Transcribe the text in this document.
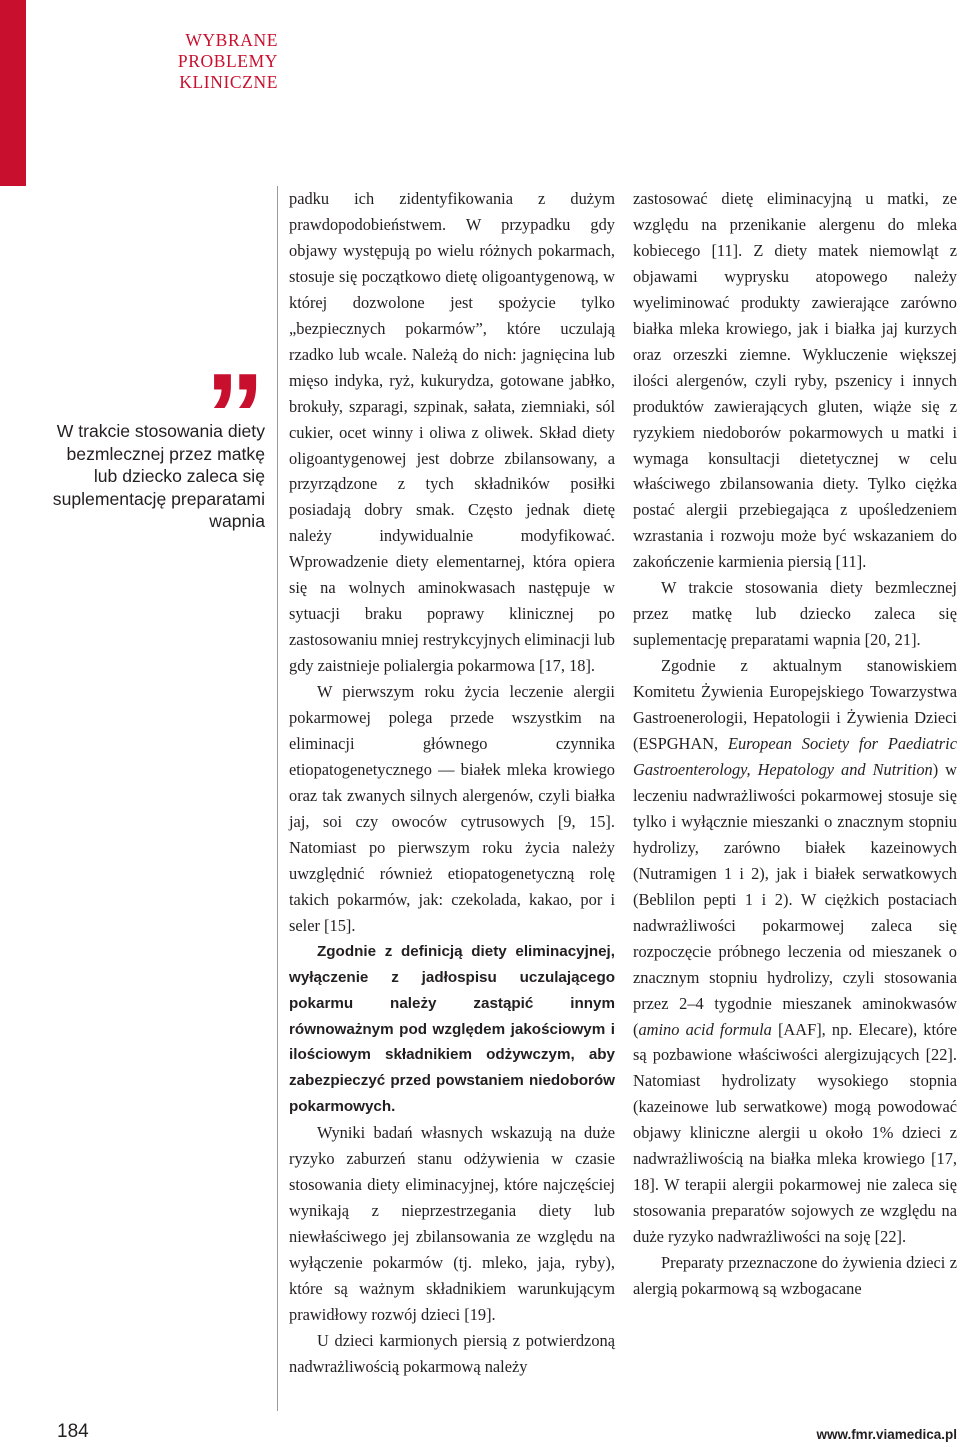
WYBRANE
PROBLEMY
KLINICZNE
”
W trakcie stosowania diety bezmlecznej przez matkę lub dziecko zaleca się suplementację preparatami wapnia

padku ich zidentyfikowania z dużym prawdopodobieństwem. W przypadku gdy objawy występują po wielu różnych pokarmach, stosuje się początkowo dietę oligoantygenową, w której dozwolone jest spożycie tylko „bezpiecznych pokarmów”, które uczulają rzadko lub wcale. Należą do nich: jagnięcina lub mięso indyka, ryż, kukurydza, gotowane jabłko, brokuły, szparagi, szpinak, sałata, ziemniaki, sól cukier, ocet winny i oliwa z oliwek. Skład diety oligoantygenowej jest dobrze zbilansowany, a przyrządzone z tych składników posiłki posiadają dobry smak. Często jednak dietę należy indywidualnie modyfikować. Wprowadzenie diety elementarnej, która opiera się na wolnych aminokwasach następuje w sytuacji braku poprawy klinicznej po zastosowaniu mniej restrykcyjnych eliminacji lub gdy zaistnieje polialergia pokarmowa [17, 18].

W pierwszym roku życia leczenie alergii pokarmowej polega przede wszystkim na eliminacji głównego czynnika etiopatogenetycznego — białek mleka krowiego oraz tak zwanych silnych alergenów, czyli białka jaj, soi czy owoców cytrusowych [9, 15]. Natomiast po pierwszym roku życia należy uwzględnić również etiopatogenetyczną rolę takich pokarmów, jak: czekolada, kakao, por i seler [15].

Zgodnie z definicją diety eliminacyjnej, wyłączenie z jadłospisu uczulającego pokarmu należy zastąpić innym równoważnym pod względem jakościowym i ilościowym składnikiem odżywczym, aby zabezpieczyć przed powstaniem niedoborów pokarmowych.

Wyniki badań własnych wskazują na duże ryzyko zaburzeń stanu odżywienia w czasie stosowania diety eliminacyjnej, które najczęściej wynikają z nieprzestrzegania diety lub niewłaściwego jej zbilansowania ze względu na wyłączenie pokarmów (tj. mleko, jaja, ryby), które są ważnym składnikiem warunkującym prawidłowy rozwój dzieci [19].

U dzieci karmionych piersią z potwierdzoną nadwrażliwością pokarmową należy

zastosować dietę eliminacyjną u matki, ze względu na przenikanie alergenu do mleka kobiecego [11]. Z diety matek niemowląt z objawami wyprysku atopowego należy wyeliminować produkty zawierające zarówno białka mleka krowiego, jak i białka jaj kurzych oraz orzeszki ziemne. Wykluczenie większej ilości alergenów, czyli ryby, pszenicy i innych produktów zawierających gluten, wiąże się z ryzykiem niedoborów pokarmowych u matki i wymaga konsultacji dietetycznej w celu właściwego zbilansowania diety. Tylko ciężka postać alergii przebiegająca z upośledzeniem wzrastania i rozwoju może być wskazaniem do zakończenie karmienia piersią [11].

W trakcie stosowania diety bezmlecznej przez matkę lub dziecko zaleca się suplementację preparatami wapnia [20, 21].

Zgodnie z aktualnym stanowiskiem Komitetu Żywienia Europejskiego Towarzystwa Gastroenerologii, Hepatologii i Żywienia Dzieci (ESPGHAN, European Society for Paediatric Gastroenterology, Hepatology and Nutrition) w leczeniu nadwrażliwości pokarmowej stosuje się tylko i wyłącznie mieszanki o znacznym stopniu hydrolizy, zarówno białek kazeinowych (Nutramigen 1 i 2), jak i białek serwatkowych (Beblilon pepti 1 i 2). W ciężkich postaciach nadwrażliwości pokarmowej zaleca się rozpoczęcie próbnego leczenia od mieszanek o znacznym stopniu hydrolizy, czyli stosowania przez 2–4 tygodnie mieszanek aminokwasów (amino acid formula [AAF], np. Elecare), które są pozbawione właściwości alergizujących [22]. Natomiast hydrolizaty wysokiego stopnia (kazeinowe lub serwatkowe) mogą powodować objawy kliniczne alergii u około 1% dzieci z nadwrażliwością na białka mleka krowiego [17, 18]. W terapii alergii pokarmowej nie zaleca się stosowania preparatów sojowych ze względu na duże ryzyko nadwrażliwości na soję [22].

Preparaty przeznaczone do żywienia dzieci z alergią pokarmową są wzbogacane

184	www.fmr.viamedica.pl
